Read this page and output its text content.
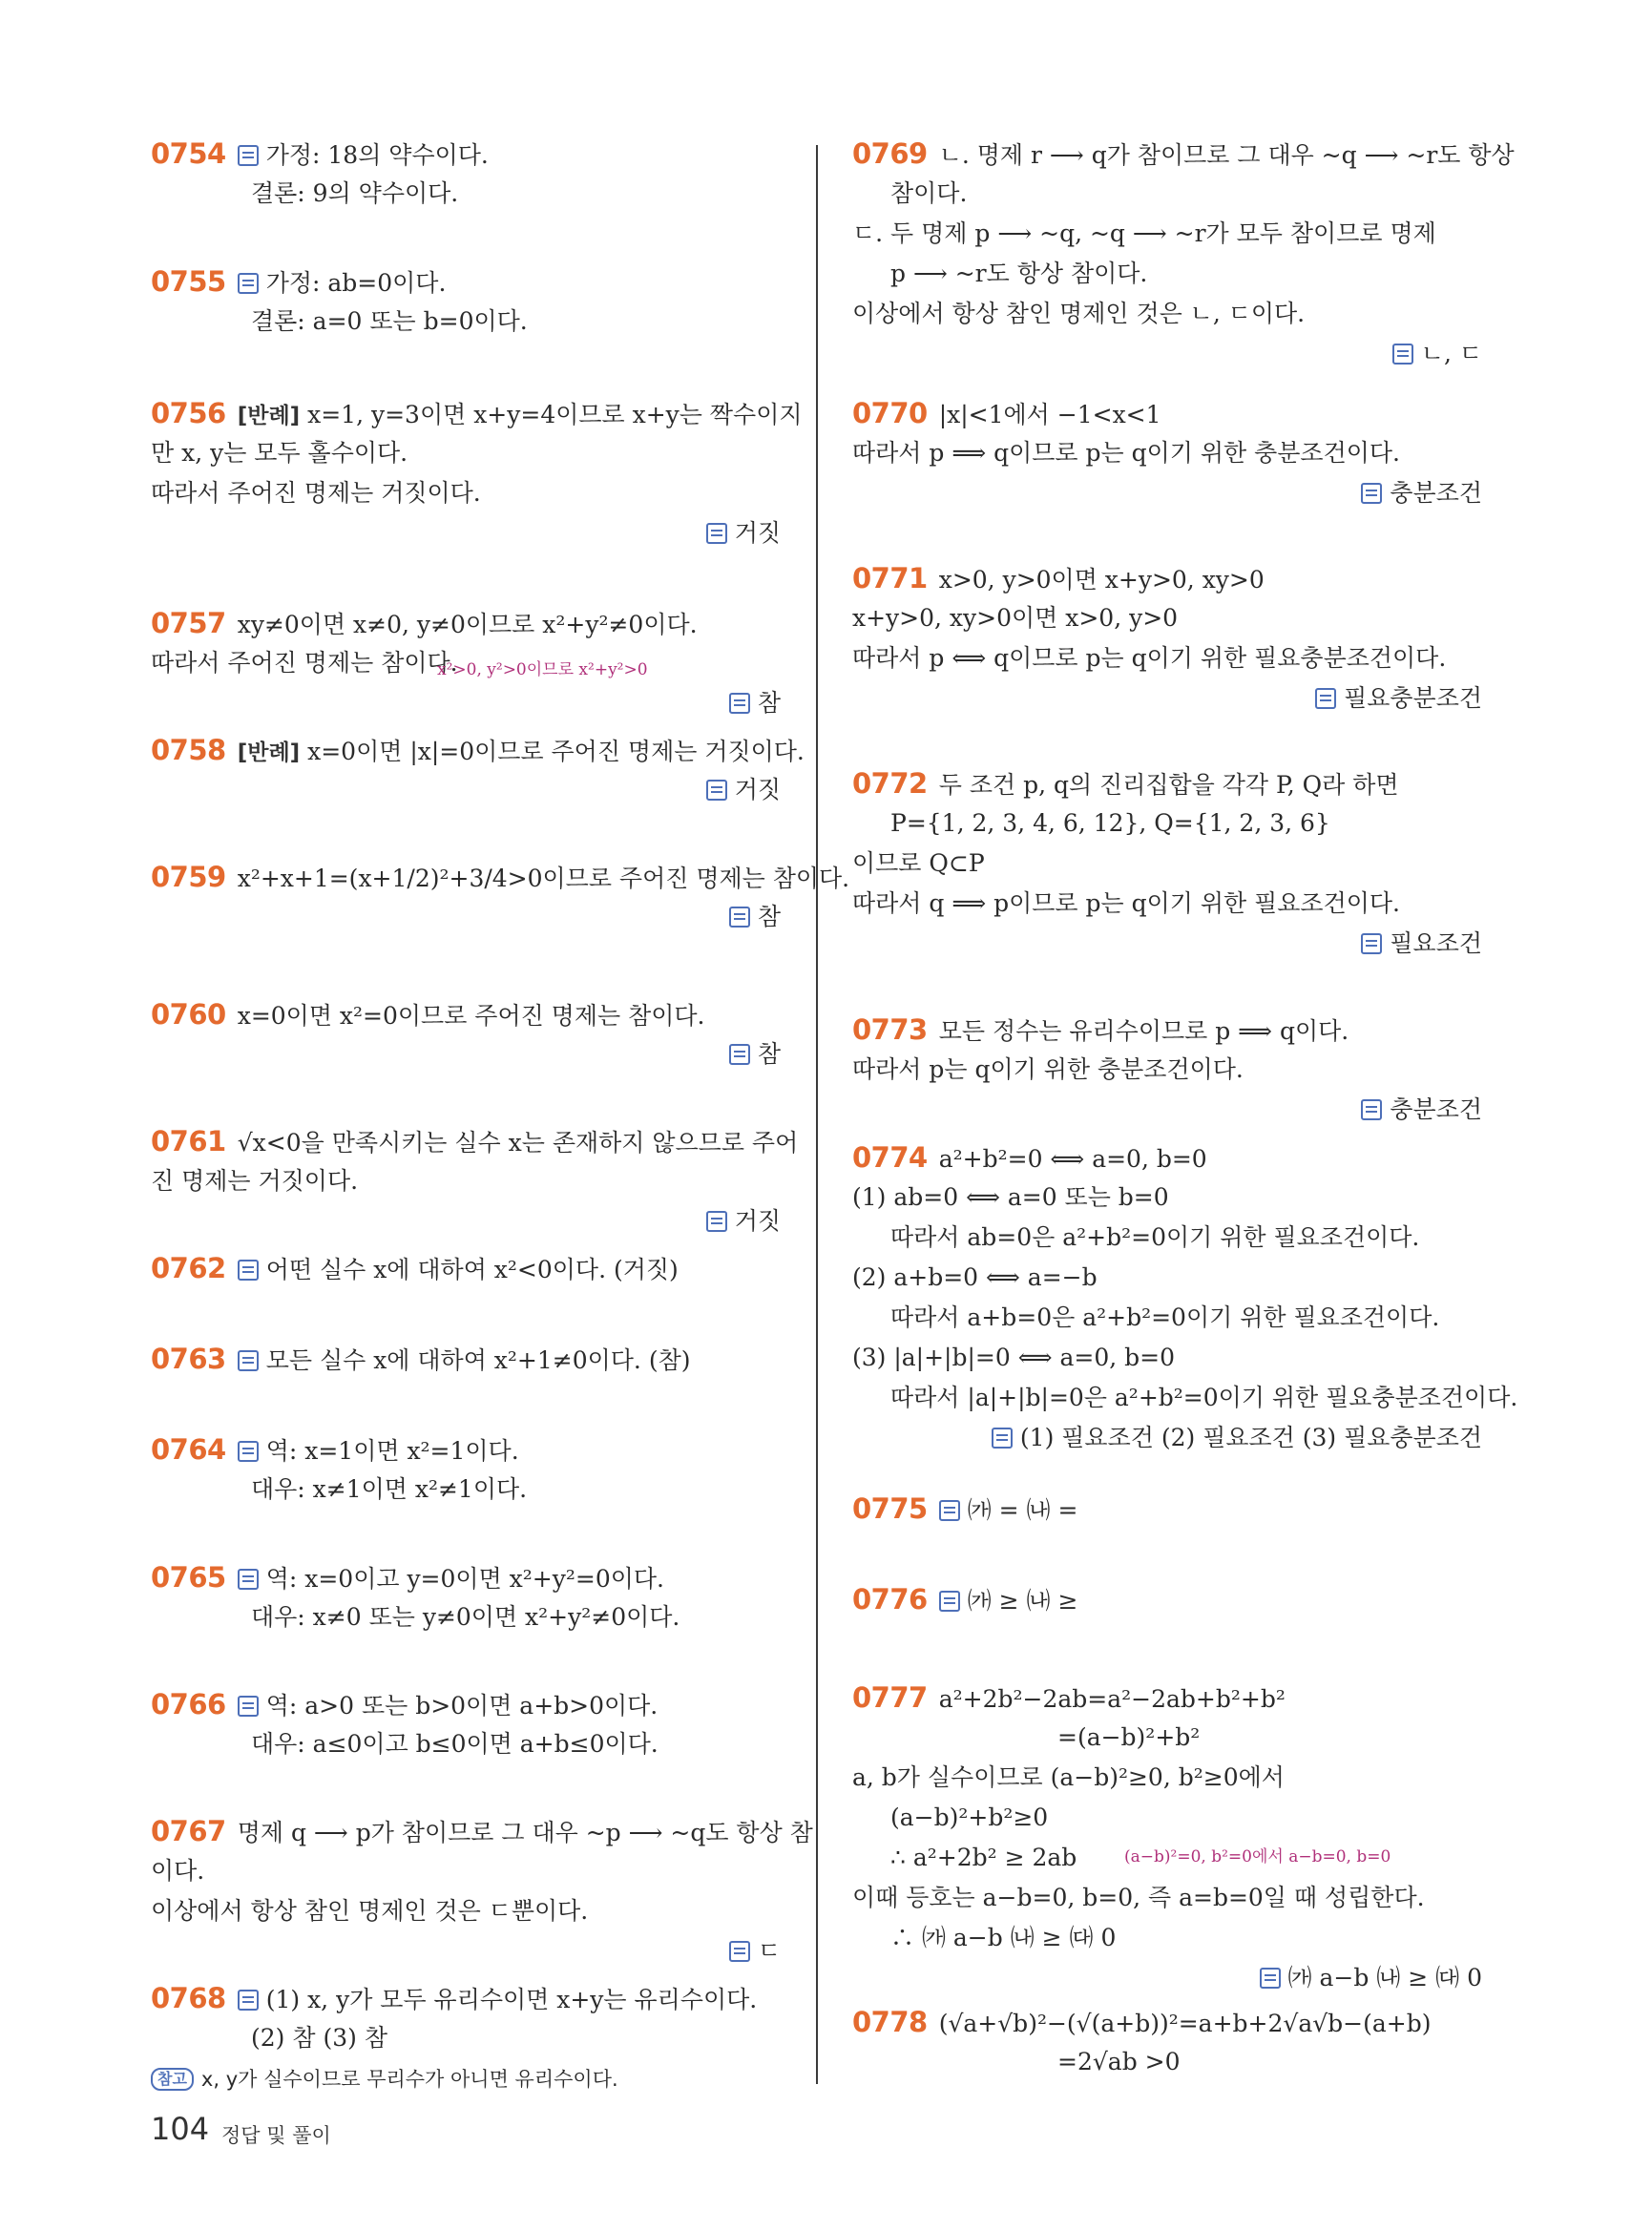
0754 가정: 18의 약수이다.
결론: 9의 약수이다.
0755 가정: ab=0이다.
결론: a=0 또는 b=0이다.
0756 [반례] x=1, y=3이면 x+y=4이므로 x+y는 짝수이지
만 x, y는 모두 홀수이다.
따라서 주어진 명제는 거짓이다.
거짓
0757 xy≠0이면 x≠0, y≠0이므로 x²+y²≠0이다.
따라서 주어진 명제는 참이다.
x²>0, y²>0이므로 x²+y²>0
참
0758 [반례] x=0이면 |x|=0이므로 주어진 명제는 거짓이다.
거짓
0759 x²+x+1=(x+1/2)²+3/4>0이므로 주어진 명제는 참이다.
참
0760 x=0이면 x²=0이므로 주어진 명제는 참이다.
참
0761 √x<0을 만족시키는 실수 x는 존재하지 않으므로 주어
진 명제는 거짓이다.
거짓
0762 어떤 실수 x에 대하여 x²<0이다. (거짓)
0763 모든 실수 x에 대하여 x²+1≠0이다. (참)
0764 역: x=1이면 x²=1이다.
대우: x≠1이면 x²≠1이다.
0765 역: x=0이고 y=0이면 x²+y²=0이다.
대우: x≠0 또는 y≠0이면 x²+y²≠0이다.
0766 역: a>0 또는 b>0이면 a+b>0이다.
대우: a≤0이고 b≤0이면 a+b≤0이다.
0767 명제 q ⟶ p가 참이므로 그 대우 ~p ⟶ ~q도 항상 참
이다.
이상에서 항상 참인 명제인 것은 ㄷ뿐이다.
ㄷ
0768 (1) x, y가 모두 유리수이면 x+y는 유리수이다.
(2) 참 (3) 참
참고 x, y가 실수이므로 무리수가 아니면 유리수이다.
0769 ㄴ. 명제 r ⟶ q가 참이므로 그 대우 ~q ⟶ ~r도 항상
참이다.
ㄷ. 두 명제 p ⟶ ~q, ~q ⟶ ~r가 모두 참이므로 명제
p ⟶ ~r도 항상 참이다.
이상에서 항상 참인 명제인 것은 ㄴ, ㄷ이다.
ㄴ, ㄷ
0770 |x|<1에서 −1<x<1
따라서 p ⟹ q이므로 p는 q이기 위한 충분조건이다.
충분조건
0771 x>0, y>0이면 x+y>0, xy>0
x+y>0, xy>0이면 x>0, y>0
따라서 p ⟺ q이므로 p는 q이기 위한 필요충분조건이다.
필요충분조건
0772 두 조건 p, q의 진리집합을 각각 P, Q라 하면
P={1, 2, 3, 4, 6, 12}, Q={1, 2, 3, 6}
이므로 Q⊂P
따라서 q ⟹ p이므로 p는 q이기 위한 필요조건이다.
필요조건
0773 모든 정수는 유리수이므로 p ⟹ q이다.
따라서 p는 q이기 위한 충분조건이다.
충분조건
0774 a²+b²=0 ⟺ a=0, b=0
(1) ab=0 ⟺ a=0 또는 b=0
따라서 ab=0은 a²+b²=0이기 위한 필요조건이다.
(2) a+b=0 ⟺ a=−b
따라서 a+b=0은 a²+b²=0이기 위한 필요조건이다.
(3) |a|+|b|=0 ⟺ a=0, b=0
따라서 |a|+|b|=0은 a²+b²=0이기 위한 필요충분조건이다.
(1) 필요조건 (2) 필요조건 (3) 필요충분조건
0775 ㈎ = ㈏ =
0776 ㈎ ≥ ㈏ ≥
0777 a²+2b²−2ab=a²−2ab+b²+b²
=(a−b)²+b²
a, b가 실수이므로 (a−b)²≥0, b²≥0에서
(a−b)²+b²≥0
∴ a²+2b² ≥ 2ab
이때 등호는 a−b=0, b=0, 즉 a=b=0일 때 성립한다.
∴ ㈎ a−b ㈏ ≥ ㈐ 0
(a−b)²=0, b²=0에서 a−b=0, b=0
㈎ a−b ㈏ ≥ ㈐ 0
0778 (√a+√b)²−(√(a+b))²=a+b+2√a√b−(a+b)
=2√ab >0
104 정답 및 풀이
